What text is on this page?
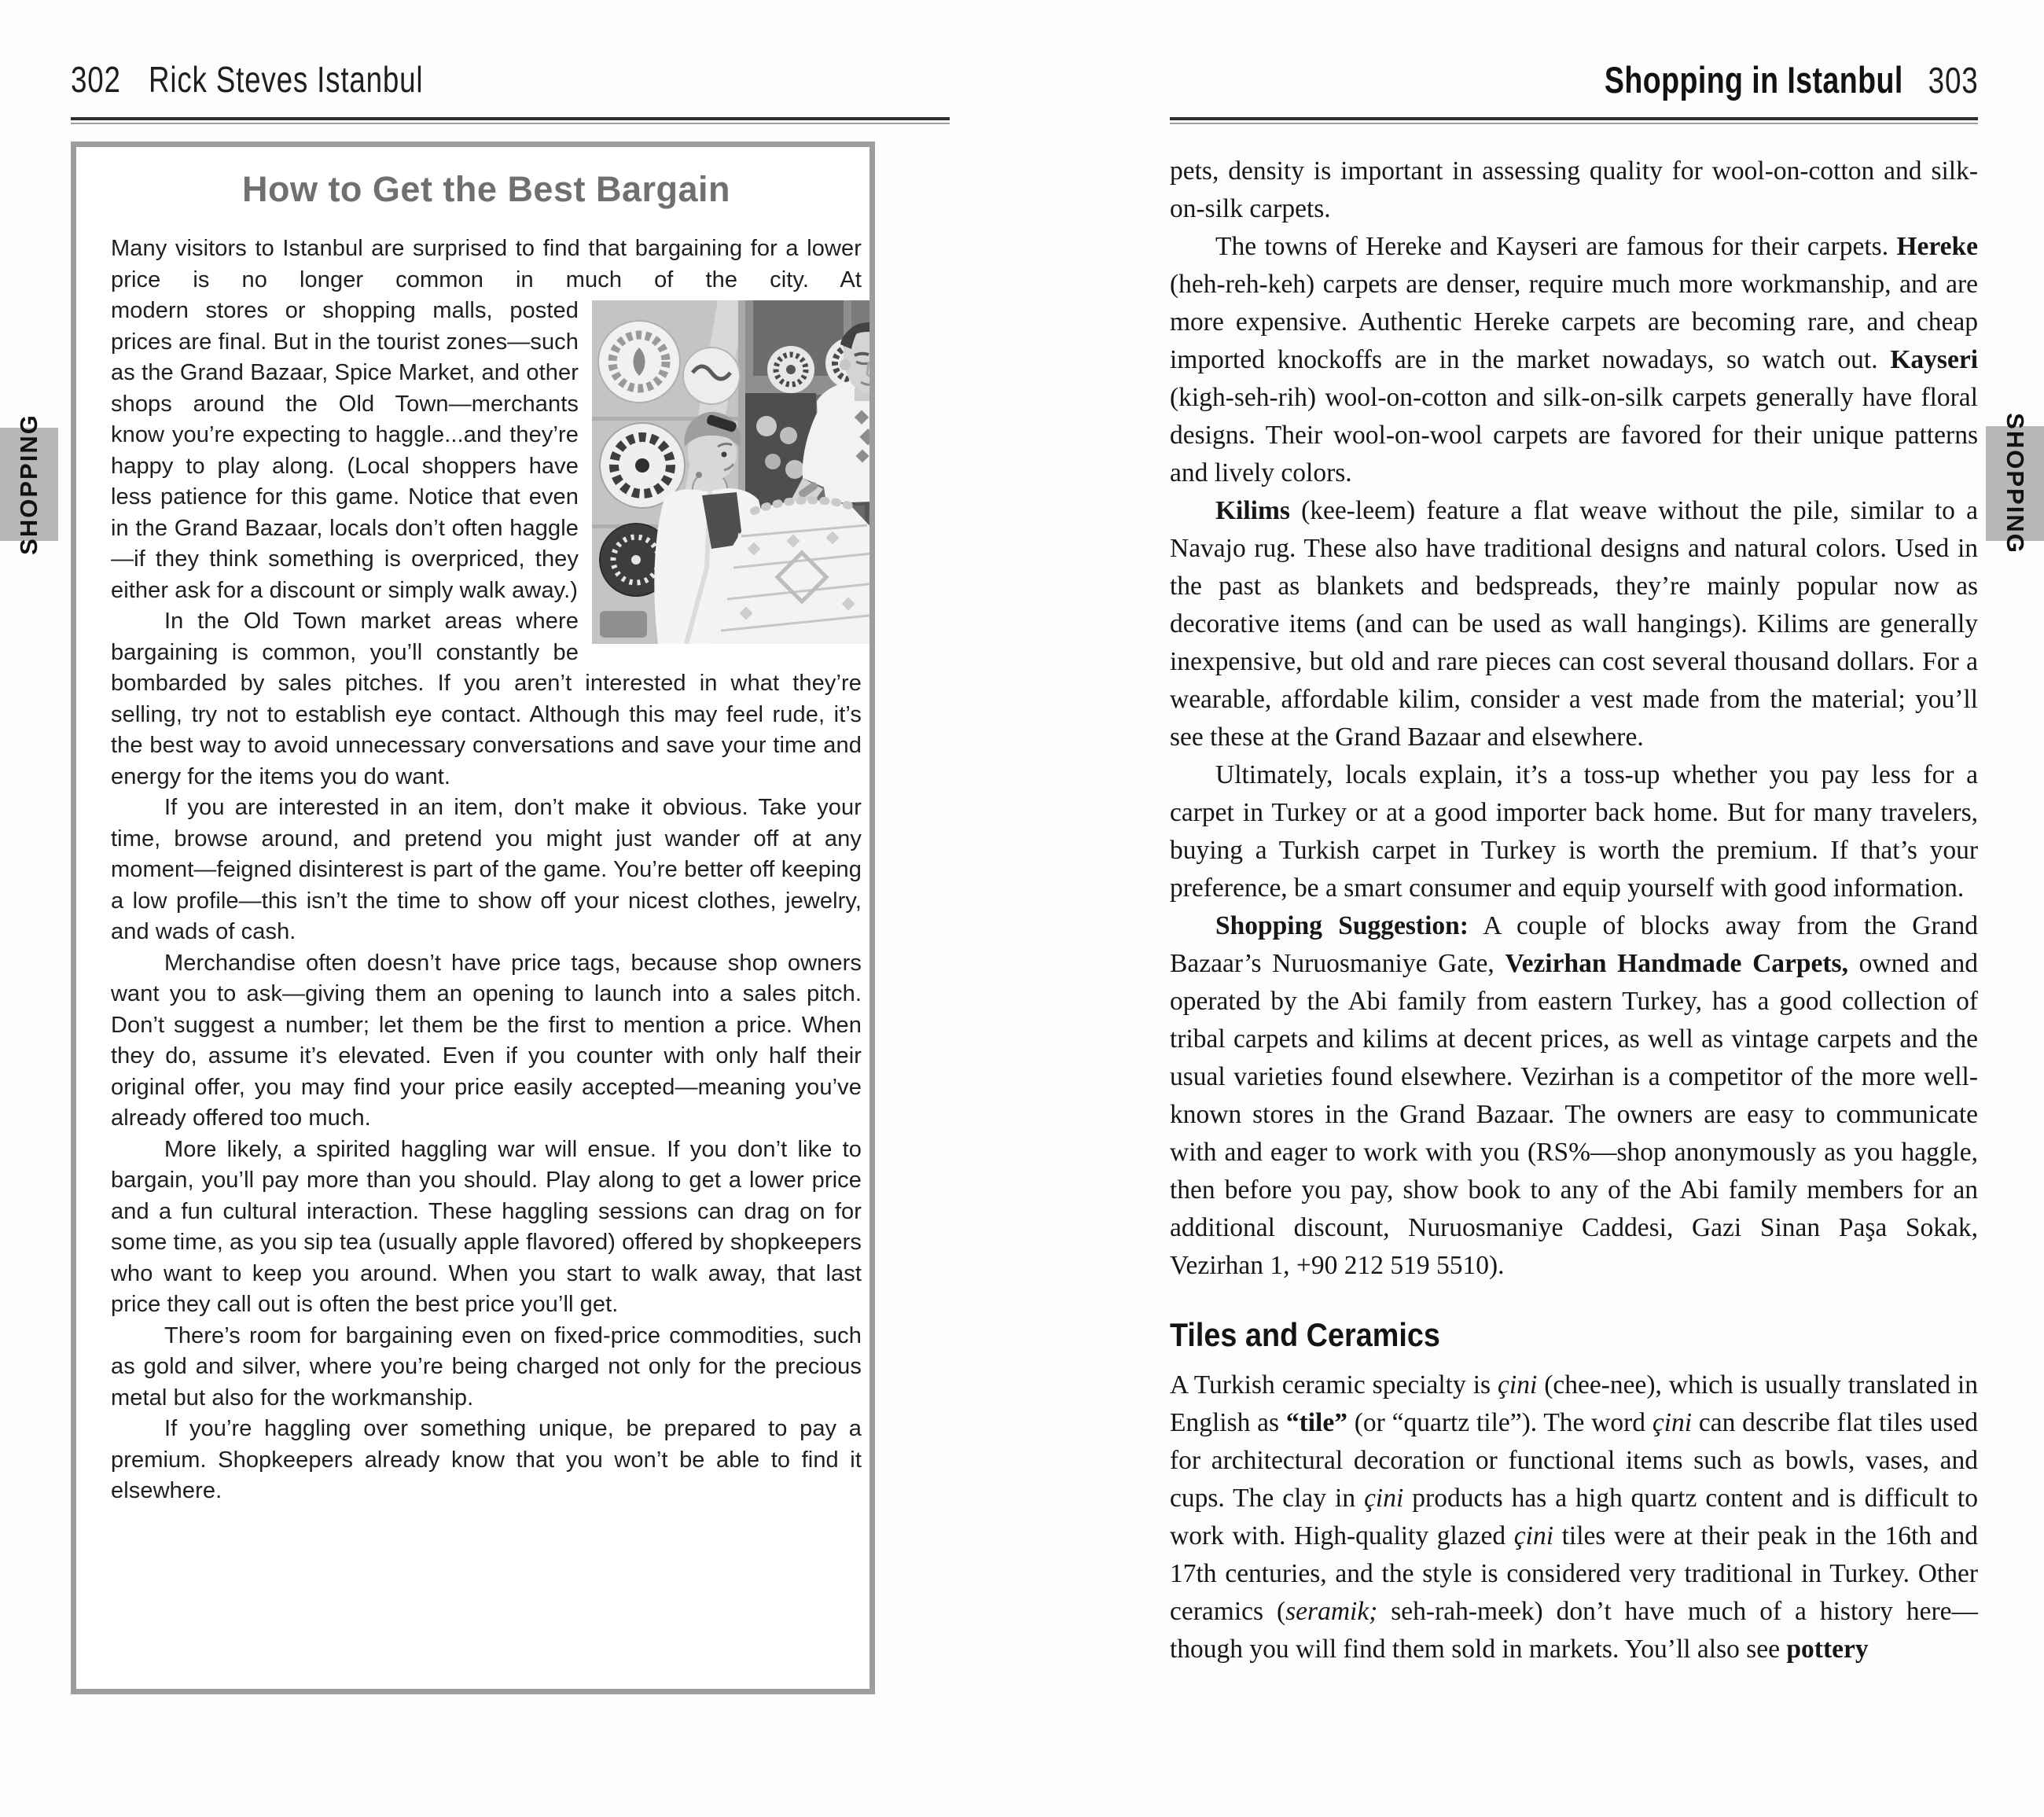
302 Rick Steves Istanbul
SHOPPING
How to Get the Best Bargain

Many visitors to Istanbul are surprised to find that bargaining for a lower price is no longer common in much of the city. At

modern stores or shopping malls, posted prices are final. But in the tourist zones—such as the Grand Bazaar, Spice Market, and other shops around the Old Town—merchants know you’re expecting to haggle...and they’re happy to play along. (Local shoppers have less patience for this game. Notice that even in the Grand Bazaar, locals don’t often haggle—if they think something is overpriced, they either ask for a discount or simply walk away.)

In the Old Town market areas where bargaining is common, you’ll constantly be bombarded by sales pitches. If you aren’t interested in what they’re selling, try not to establish eye contact. Although this may feel rude, it’s the best way to avoid unnecessary conversations and save your time and energy for the items you do want.

If you are interested in an item, don’t make it obvious. Take your time, browse around, and pretend you might just wander off at any moment—feigned disinterest is part of the game. You’re better off keeping a low profile—this isn’t the time to show off your nicest clothes, jewelry, and wads of cash.

Merchandise often doesn’t have price tags, because shop owners want you to ask—giving them an opening to launch into a sales pitch. Don’t suggest a number; let them be the first to mention a price. When they do, assume it’s elevated. Even if you counter with only half their original offer, you may find your price easily accepted—meaning you’ve already offered too much.

More likely, a spirited haggling war will ensue. If you don’t like to bargain, you’ll pay more than you should. Play along to get a lower price and a fun cultural interaction. These haggling sessions can drag on for some time, as you sip tea (usually apple flavored) offered by shopkeepers who want to keep you around. When you start to walk away, that last price they call out is often the best price you’ll get.

There’s room for bargaining even on fixed-price commodities, such as gold and silver, where you’re being charged not only for the precious metal but also for the workmanship.

If you’re haggling over something unique, be prepared to pay a premium. Shopkeepers already know that you won’t be able to find it elsewhere.

Shopping in Istanbul 303
SHOPPING

pets, density is important in assessing quality for wool-on-cotton and silk-on-silk carpets.

The towns of Hereke and Kayseri are famous for their carpets. Hereke (heh-reh-keh) carpets are denser, require much more workmanship, and are more expensive. Authentic Hereke carpets are becoming rare, and cheap imported knockoffs are in the market nowadays, so watch out. Kayseri (kigh-seh-rih) wool-on-cotton and silk-on-silk carpets generally have floral designs. Their wool-on-wool carpets are favored for their unique patterns and lively colors.

Kilims (kee-leem) feature a flat weave without the pile, similar to a Navajo rug. These also have traditional designs and natural colors. Used in the past as blankets and bedspreads, they’re mainly popular now as decorative items (and can be used as wall hangings). Kilims are generally inexpensive, but old and rare pieces can cost several thousand dollars. For a wearable, affordable kilim, consider a vest made from the material; you’ll see these at the Grand Bazaar and elsewhere.

Ultimately, locals explain, it’s a toss-up whether you pay less for a carpet in Turkey or at a good importer back home. But for many travelers, buying a Turkish carpet in Turkey is worth the premium. If that’s your preference, be a smart consumer and equip yourself with good information.

Shopping Suggestion: A couple of blocks away from the Grand Bazaar’s Nuruosmaniye Gate, Vezirhan Handmade Carpets, owned and operated by the Abi family from eastern Turkey, has a good collection of tribal carpets and kilims at decent prices, as well as vintage carpets and the usual varieties found elsewhere. Vezirhan is a competitor of the more well-known stores in the Grand Bazaar. The owners are easy to communicate with and eager to work with you (RS%—shop anonymously as you haggle, then before you pay, show book to any of the Abi family members for an additional discount, Nuruosmaniye Caddesi, Gazi Sinan Paşa Sokak, Vezirhan 1, +90 212 519 5510).

Tiles and Ceramics

A Turkish ceramic specialty is çini (chee-nee), which is usually translated in English as “tile” (or “quartz tile”). The word çini can describe flat tiles used for architectural decoration or functional items such as bowls, vases, and cups. The clay in çini products has a high quartz content and is difficult to work with. High-quality glazed çini tiles were at their peak in the 16th and 17th centuries, and the style is considered very traditional in Turkey. Other ceramics (seramik; seh-rah-meek) don’t have much of a history here—though you will find them sold in markets. You’ll also see pottery
